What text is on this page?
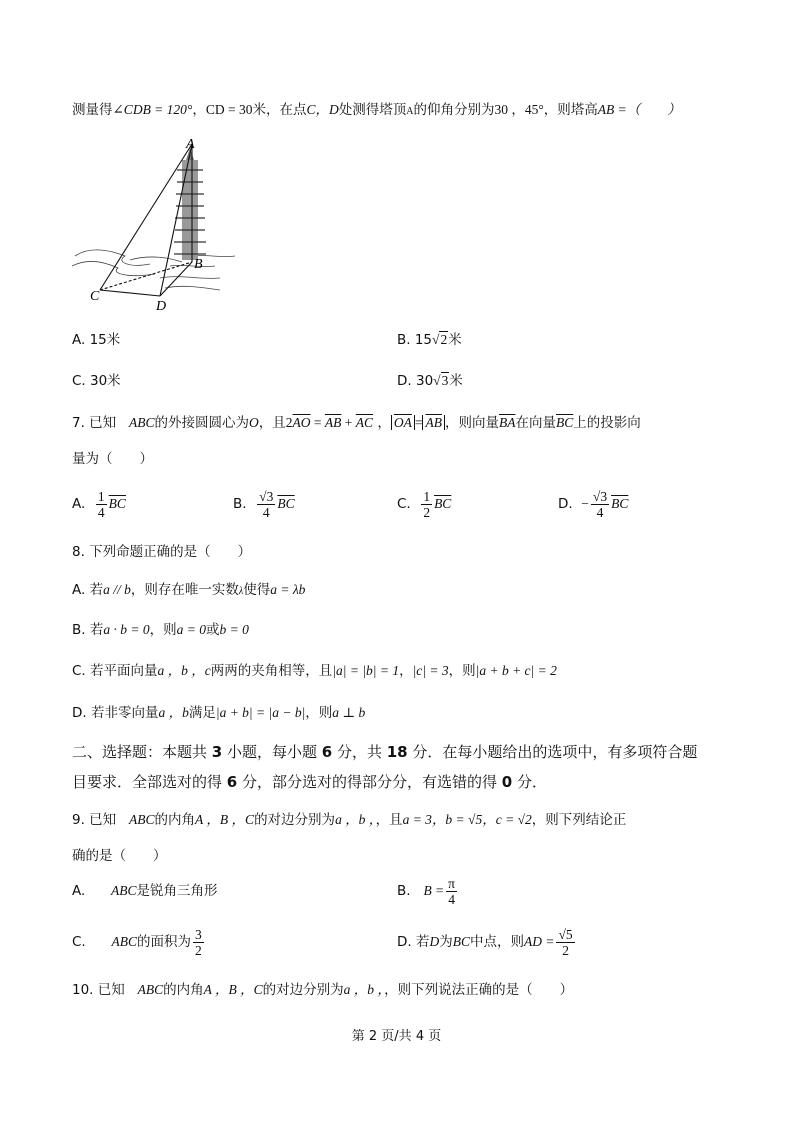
测量得∠CDB = 120°，CD = 30米，在点C，D处测得塔顶A的仰角分别为30 ，45°，则塔高AB =（　　）
A
B
C
D
A. 15米	B. 15√2米
C. 30米	D. 30√3米
7. 已知 ABC的外接圆圆心为O，且$2\overline{AO} = \overline{AB} + \overline{AC}$ ， $\overline{OA} = \overline{AB}$ ，则向量$\overline{BA}$在向量$\overline{BC}$上的投影向
量为（　　）
A. $\frac{1}{4} \overline{BC}$	B. $\frac{√3}{4} \overline{BC}$	C. $\frac{1}{2} \overline{BC}$	D. − $\frac{√3}{4} \overline{BC}$
8. 下列命题正确的是（　　）
A. 若a // b，则存在唯一实数λ使得a = λb
B. 若a · b = 0，则a = 0或b = 0
C. 若平面向量a ，b ，c两两的夹角相等，且|a| = |b| = 1，|c| = 3，则|a + b + c| = 2
D. 若非零向量a ，b满足|a + b| = |a − b|，则a ⊥ b
二、选择题：本题共 3 小题，每小题 6 分，共 18 分．在每小题给出的选项中，有多项符合题
目要求．全部选对的得 6 分，部分选对的得部分分，有选错的得 0 分．
9. 已知 ABC的内角A ，B ，C的对边分别为a ，b ，，且a = 3，b = √5，c = √2，则下列结论正
确的是（　　）
A. ABC是锐角三角形	B. $B = \frac{\pi}{4}$
C. ABC的面积为 $\frac{3}{2}$	D. 若D为BC中点，则AD = $\frac{√5}{2}$
10. 已知 ABC的内角A ，B ，C的对边分别为a ，b ，，则下列说法正确的是（　　）
第 2 页/共 4 页
